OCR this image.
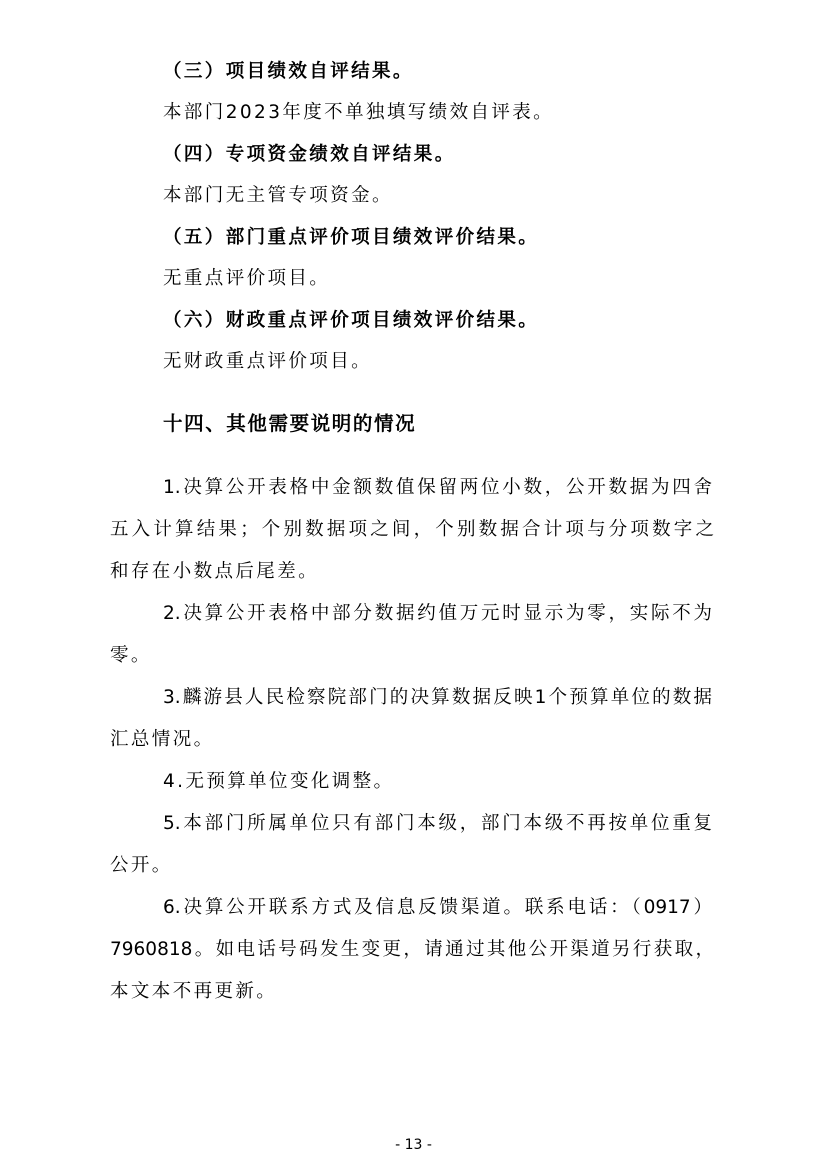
（三）项目绩效自评结果。
本部门2023年度不单独填写绩效自评表。
（四）专项资金绩效自评结果。
本部门无主管专项资金。
（五）部门重点评价项目绩效评价结果。
无重点评价项目。
（六）财政重点评价项目绩效评价结果。
无财政重点评价项目。
十四、其他需要说明的情况
1.决算公开表格中金额数值保留两位小数，公开数据为四舍
五入计算结果；个别数据项之间，个别数据合计项与分项数字之
和存在小数点后尾差。
2.决算公开表格中部分数据约值万元时显示为零，实际不为
零。
3.麟游县人民检察院部门的决算数据反映1个预算单位的数据
汇总情况。
4.无预算单位变化调整。
5.本部门所属单位只有部门本级，部门本级不再按单位重复
公开。
6.决算公开联系方式及信息反馈渠道。联系电话：（0917）
7960818。如电话号码发生变更，请通过其他公开渠道另行获取，
本文本不再更新。
- 13 -
